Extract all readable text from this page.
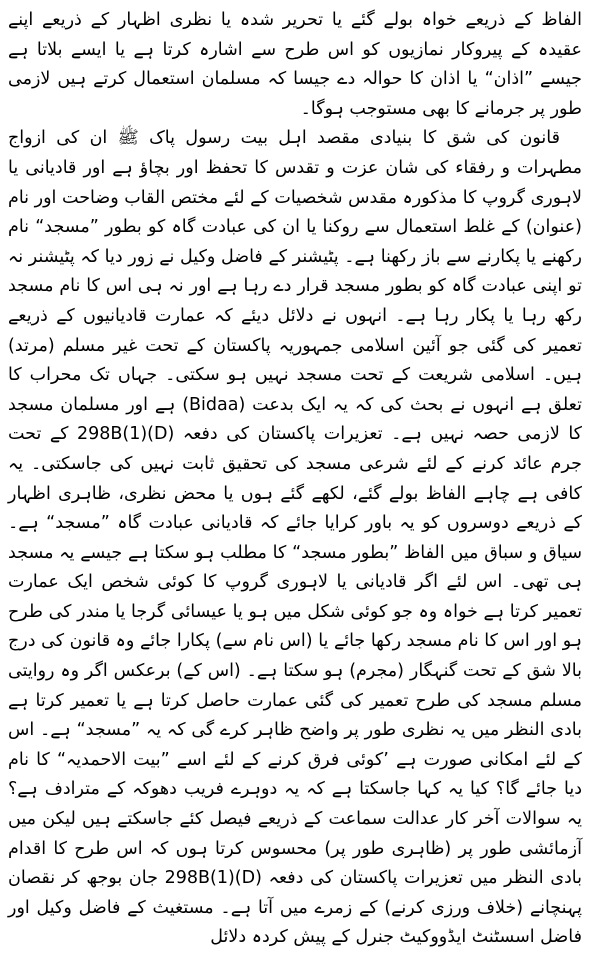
الفاظ کے ذریعے خواہ بولے گئے یا تحریر شدہ یا نظری اظہار کے ذریعے اپنے عقیدہ کے پیروکار نمازیوں کو اس طرح سے اشارہ کرتا ہے یا ایسے بلاتا ہے جیسے ”اذان“ یا اذان کا حوالہ دے جیسا کہ مسلمان استعمال کرتے ہیں لازمی طور پر جرمانے کا بھی مستوجب ہوگا۔

قانون کی شق کا بنیادی مقصد اہل بیت رسول پاک ﷺ ان کی ازواج مطہرات و رفقاء کی شان عزت و تقدس کا تحفظ اور بچاؤ ہے اور قادیانی یا لاہوری گروپ کا مذکورہ مقدس شخصیات کے لئے مختص القاب وضاحت اور نام (عنوان) کے غلط استعمال سے روکنا یا ان کی عبادت گاہ کو بطور ”مسجد“ نام رکھنے یا پکارنے سے باز رکھنا ہے۔ پٹیشنر کے فاضل وکیل نے زور دیا کہ پٹیشنر نہ تو اپنی عبادت گاہ کو بطور مسجد قرار دے رہا ہے اور نہ ہی اس کا نام مسجد رکھ رہا یا پکار رہا ہے۔ انہوں نے دلائل دیئے کہ عمارت قادیانیوں کے ذریعے تعمیر کی گئی جو آئین اسلامی جمہوریہ پاکستان کے تحت غیر مسلم (مرتد) ہیں۔ اسلامی شریعت کے تحت مسجد نہیں ہو سکتی۔ جہاں تک محراب کا تعلق ہے انہوں نے بحث کی کہ یہ ایک بدعت (Bidaa) ہے اور مسلمان مسجد کا لازمی حصہ نہیں ہے۔ تعزیرات پاکستان کی دفعہ 298B(1)(D) کے تحت جرم عائد کرنے کے لئے شرعی مسجد کی تحقیق ثابت نہیں کی جاسکتی۔ یہ کافی ہے چاہے الفاظ بولے گئے، لکھے گئے ہوں یا محض نظری، ظاہری اظہار کے ذریعے دوسروں کو یہ باور کرایا جائے کہ قادیانی عبادت گاہ ”مسجد“ ہے۔ سیاق و سباق میں الفاظ ”بطور مسجد“ کا مطلب ہو سکتا ہے جیسے یہ مسجد ہی تھی۔ اس لئے اگر قادیانی یا لاہوری گروپ کا کوئی شخص ایک عمارت تعمیر کرتا ہے خواہ وہ جو کوئی شکل میں ہو یا عیسائی گرجا یا مندر کی طرح ہو اور اس کا نام مسجد رکھا جائے یا (اس نام سے) پکارا جائے وہ قانون کی درج بالا شق کے تحت گنہگار (مجرم) ہو سکتا ہے۔ (اس کے) برعکس اگر وہ روایتی مسلم مسجد کی طرح تعمیر کی گئی عمارت حاصل کرتا ہے یا تعمیر کرتا ہے بادی النظر میں یہ نظری طور پر واضح ظاہر کرے گی کہ یہ ”مسجد“ ہے۔ اس کے لئے امکانی صورت ہے ’کوئی فرق کرنے کے لئے اسے ”بیت الاحمدیہ“ کا نام دیا جائے گا؟ کیا یہ کہا جاسکتا ہے کہ یہ دوہرے فریب دھوکہ کے مترادف ہے؟ یہ سوالات آخر کار عدالت سماعت کے ذریعے فیصل کئے جاسکتے ہیں لیکن میں آزمائشی طور پر (ظاہری طور پر) محسوس کرتا ہوں کہ اس طرح کا اقدام بادی النظر میں تعزیرات پاکستان کی دفعہ 298B(1)(D) جان بوجھ کر نقصان پہنچانے (خلاف ورزی کرنے) کے زمرے میں آتا ہے۔ مستغیث کے فاضل وکیل اور فاضل اسسٹنٹ ایڈووکیٹ جنرل کے پیش کردہ دلائل
